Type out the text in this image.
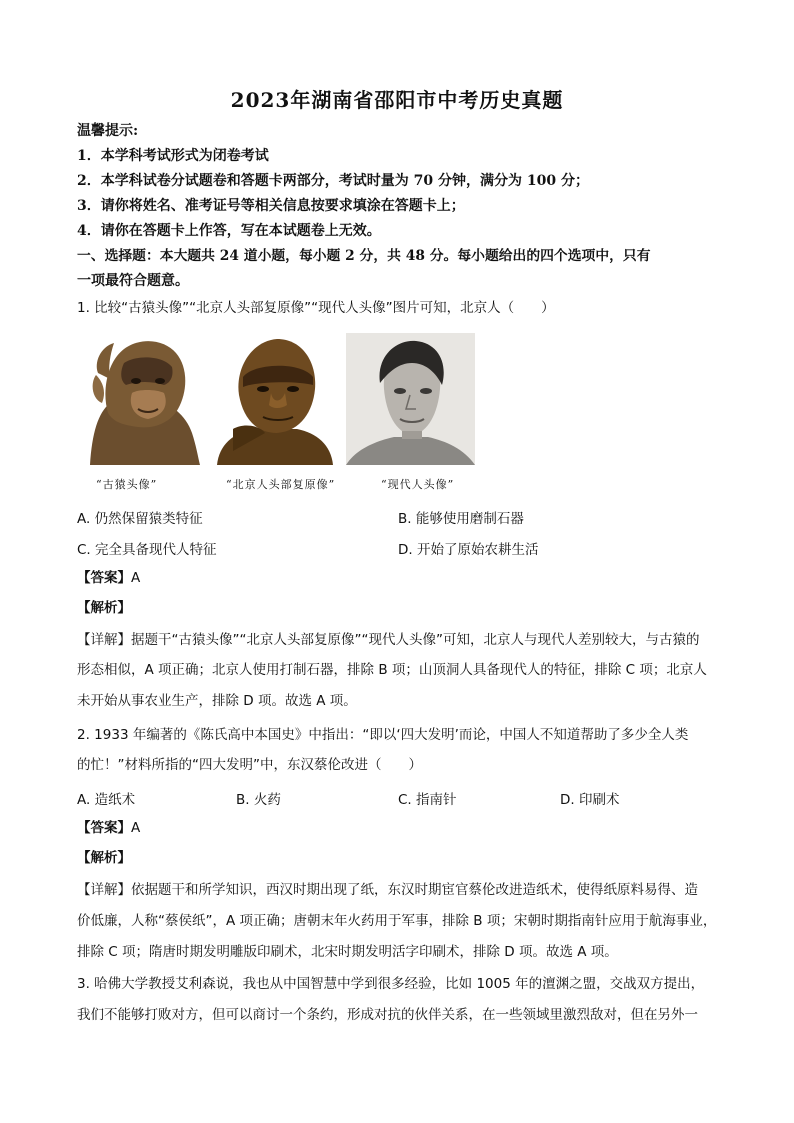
2023年湖南省邵阳市中考历史真题
温馨提示:
1．本学科考试形式为闭卷考试
2．本学科试卷分试题卷和答题卡两部分，考试时量为 70 分钟，满分为 100 分；
3．请你将姓名、准考证号等相关信息按要求填涂在答题卡上；
4．请你在答题卡上作答，写在本试题卷上无效。
一、选择题：本大题共 24 道小题，每小题 2 分，共 48 分。每小题给出的四个选项中，只有
一项最符合题意。
1. 比较“古猿头像”“北京人头部复原像”“现代人头像”图片可知，北京人（　　）
“古猿头像”	“北京人头部复原像”	“现代人头像”
A. 仍然保留猿类特征	B. 能够使用磨制石器
C. 完全具备现代人特征	D. 开始了原始农耕生活
【答案】A
【解析】
【详解】据题干“古猿头像”“北京人头部复原像”“现代人头像”可知，北京人与现代人差别较大，与古猿的
形态相似，A 项正确；北京人使用打制石器，排除 B 项；山顶洞人具备现代人的特征，排除 C 项；北京人
未开始从事农业生产，排除 D 项。故选 A 项。
2. 1933 年编著的《陈氏高中本国史》中指出：“即以‘四大发明’而论，中国人不知道帮助了多少全人类
的忙！”材料所指的“四大发明”中，东汉蔡伦改进（　　）
A. 造纸术	B. 火药	C. 指南针	D. 印刷术
【答案】A
【解析】
【详解】依据题干和所学知识，西汉时期出现了纸，东汉时期宦官蔡伦改进造纸术，使得纸原料易得、造
价低廉，人称“蔡侯纸”，A 项正确；唐朝末年火药用于军事，排除 B 项；宋朝时期指南针应用于航海事业，
排除 C 项；隋唐时期发明雕版印刷术，北宋时期发明活字印刷术，排除 D 项。故选 A 项。
3. 哈佛大学教授艾利森说，我也从中国智慧中学到很多经验，比如 1005 年的澶渊之盟，交战双方提出，
我们不能够打败对方，但可以商讨一个条约，形成对抗的伙伴关系，在一些领域里激烈敌对，但在另外一
